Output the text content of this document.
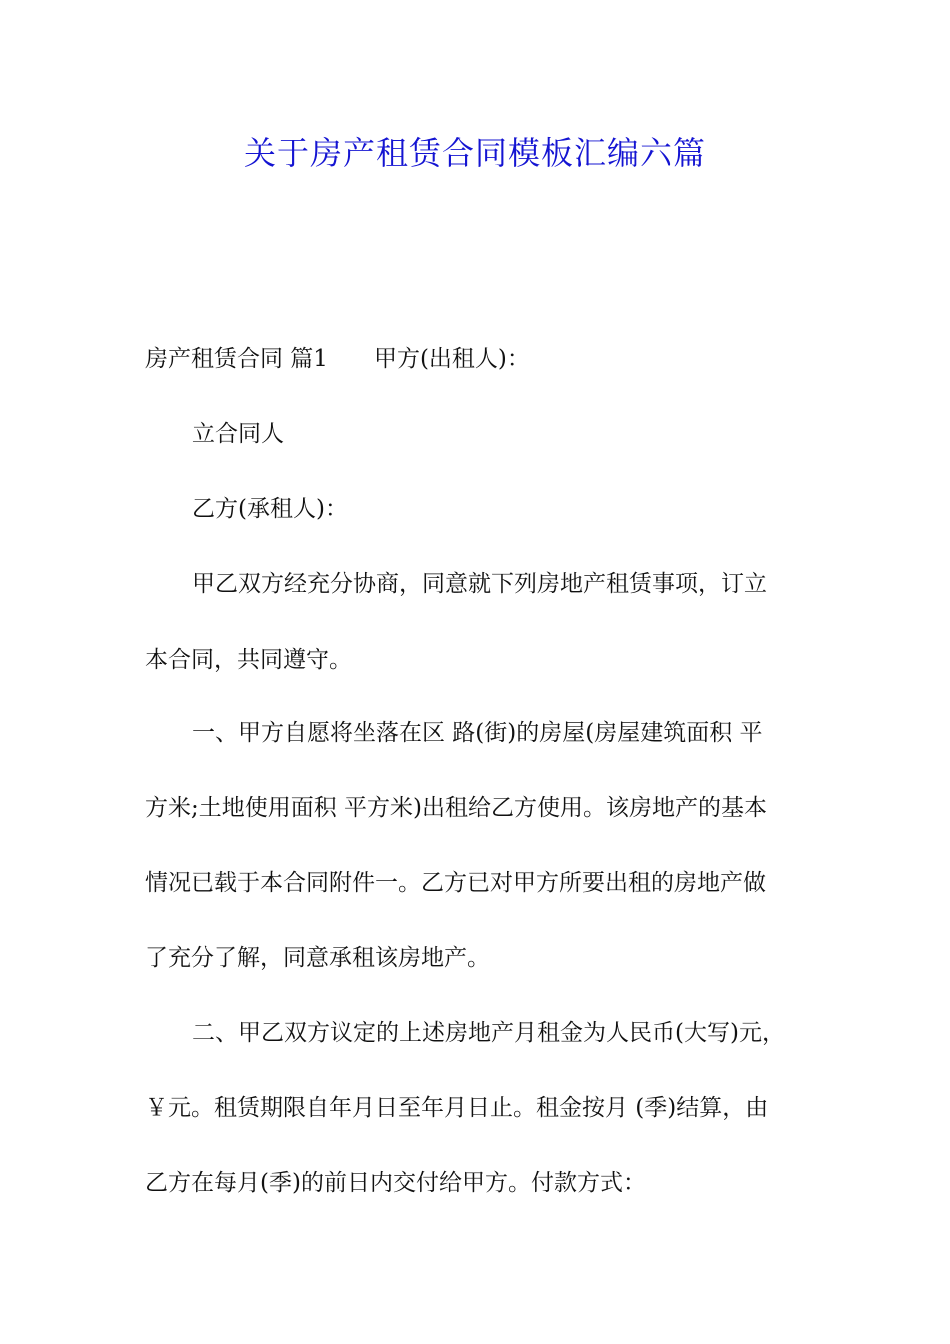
关于房产租赁合同模板汇编六篇
房产租赁合同 篇1 甲方(出租人)：
立合同人
乙方(承租人)：
甲乙双方经充分协商，同意就下列房地产租赁事项，订立
本合同，共同遵守。
一、甲方自愿将坐落在区 路(街)的房屋(房屋建筑面积 平
方米;土地使用面积 平方米)出租给乙方使用。该房地产的基本
情况已载于本合同附件一。乙方已对甲方所要出租的房地产做
了充分了解，同意承租该房地产。
二、甲乙双方议定的上述房地产月租金为人民币(大写)元，
￥元。租赁期限自年月日至年月日止。租金按月 (季)结算，由
乙方在每月(季)的前日内交付给甲方。付款方式：
